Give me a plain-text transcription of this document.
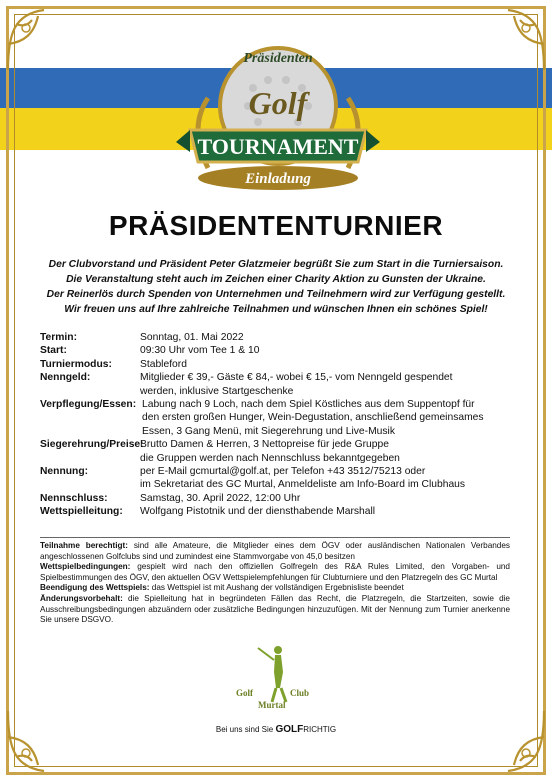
Präsidenten
Golf
TOURNAMENT
Einladung
PRÄSIDENTENTURNIER
Der Clubvorstand und Präsident Peter Glatzmeier begrüßt Sie zum Start in die Turniersaison.
Die Veranstaltung steht auch im Zeichen einer Charity Aktion zu Gunsten der Ukraine.
Der Reinerlös durch Spenden von Unternehmen und Teilnehmern wird zur Verfügung gestellt.
Wir freuen uns auf Ihre zahlreiche Teilnahmen und wünschen Ihnen ein schönes Spiel!
Termin:	Sonntag, 01. Mai 2022
Start:	09:30 Uhr vom Tee 1 & 10
Turniermodus:	Stableford
Nenngeld:	Mitglieder € 39,- Gäste € 84,- wobei € 15,- vom Nenngeld gespendet
werden, inklusive Startgeschenke
Verpflegung/Essen: Labung nach 9 Loch, nach dem Spiel Köstliches aus dem Suppentopf für
den ersten großen Hunger, Wein-Degustation, anschließend gemeinsames
Essen, 3 Gang Menü, mit Siegerehrung und Live-Musik
Siegerehrung/Preise:
Brutto Damen & Herren, 3 Nettopreise für jede Gruppe
die Gruppen werden nach Nennschluss bekanntgegeben
Nennung:	per E-Mail gcmurtal@golf.at, per Telefon +43 3512/75213 oder
im Sekretariat des GC Murtal, Anmeldeliste am Info-Board im Clubhaus
Nennschluss:	Samstag, 30. April 2022, 12:00 Uhr
Wettspielleitung:	Wolfgang Pistotnik und der diensthabende Marshall
Teilnahme berechtigt: sind alle Amateure, die Mitglieder eines dem ÖGV oder ausländischen Nationalen Verbandes angeschlossenen Golfclubs sind und zumindest eine Stammvorgabe von 45,0 besitzen
Wettspielbedingungen: gespielt wird nach den offiziellen Golfregeln des R&A Rules Limited, den Vorgaben- und Spielbestimmungen des ÖGV, den aktuellen ÖGV Wettspielempfehlungen für Clubturniere und den Platzregeln des GC Murtal
Beendigung des Wettspiels: das Wettspiel ist mit Aushang der vollständigen Ergebnisliste beendet
Änderungsvorbehalt: die Spielleitung hat in begründeten Fällen das Recht, die Platzregeln, die Startzeiten, sowie die Ausschreibungsbedingungen abzuändern oder zusätzliche Bedingungen hinzuzufügen. Mit der Nennung zum Turnier anerkenne Sie unsere DSGVO.
Golf	Club
Murtal
Bei uns sind Sie GOLFRICHTIG
